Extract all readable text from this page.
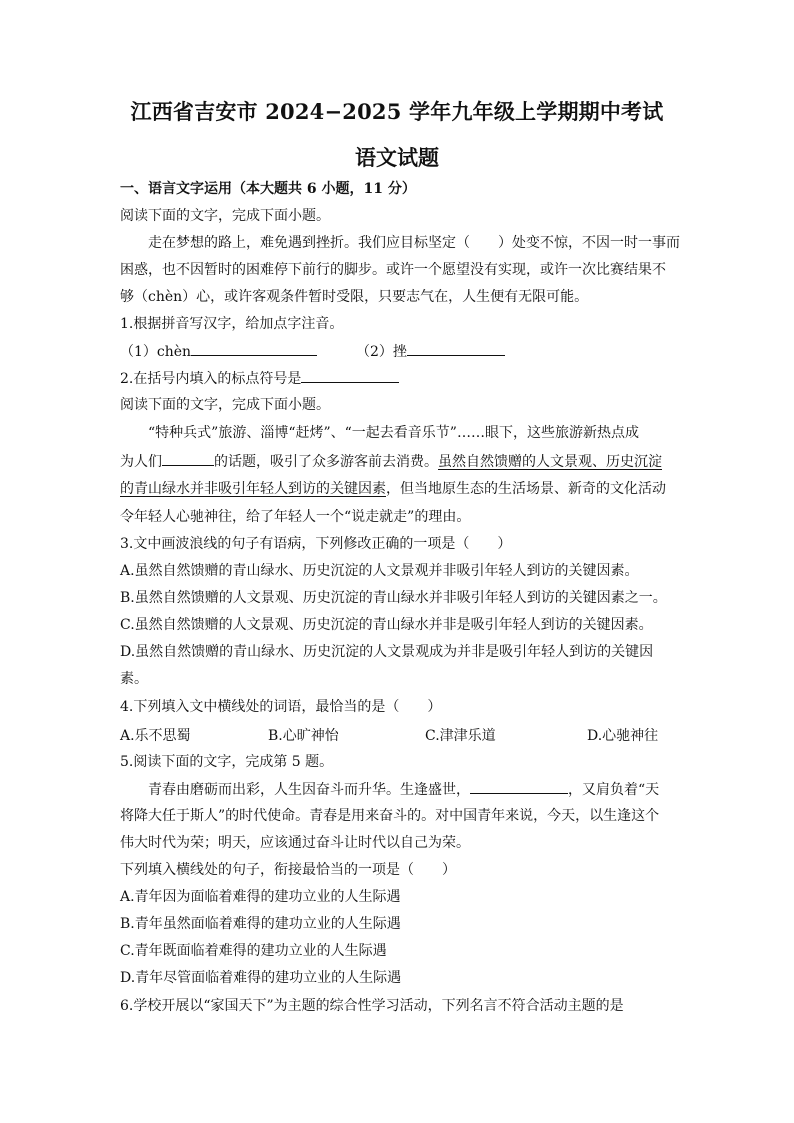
江西省吉安市 2024−2025 学年九年级上学期期中考试
语文试题
一、语言文字运用（本大题共 6 小题，11 分）
阅读下面的文字，完成下面小题。
走在梦想的路上，难免遇到挫折。我们应目标坚定（　　）处变不惊，不因一时一事而
困惑，也不因暂时的困难停下前行的脚步。或许一个愿望没有实现，或许一次比赛结果不
够（chèn）心，或许客观条件暂时受限，只要志气在，人生便有无限可能。
1.根据拼音写汉字，给加点字注音。
（1）chèn	（2）挫
2.在括号内填入的标点符号是
阅读下面的文字，完成下面小题。
“特种兵式”旅游、淄博“赶烤”、“一起去看音乐节”……眼下，这些旅游新热点成
为人们	的话题，吸引了众多游客前去消费。虽然自然馈赠的人文景观、历史沉淀
的青山绿水并非吸引年轻人到访的关键因素，但当地原生态的生活场景、新奇的文化活动
令年轻人心驰神往，给了年轻人一个“说走就走”的理由。
3.文中画波浪线的句子有语病，下列修改正确的一项是（　　）
A.虽然自然馈赠的青山绿水、历史沉淀的人文景观并非吸引年轻人到访的关键因素。
B.虽然自然馈赠的人文景观、历史沉淀的青山绿水并非吸引年轻人到访的关键因素之一。
C.虽然自然馈赠的人文景观、历史沉淀的青山绿水并非是吸引年轻人到访的关键因素。
D.虽然自然馈赠的青山绿水、历史沉淀的人文景观成为并非是吸引年轻人到访的关键因
素。
4.下列填入文中横线处的词语，最恰当的是（　　）
A.乐不思蜀	B.心旷神怡	C.津津乐道	D.心驰神往
5.阅读下面的文字，完成第 5 题。
青春由磨砺而出彩，人生因奋斗而升华。生逢盛世，	，又肩负着“天
将降大任于斯人”的时代使命。青春是用来奋斗的。对中国青年来说，今天，以生逢这个
伟大时代为荣；明天，应该通过奋斗让时代以自己为荣。
下列填入横线处的句子，衔接最恰当的一项是（　　）
A.青年因为面临着难得的建功立业的人生际遇
B.青年虽然面临着难得的建功立业的人生际遇
C.青年既面临着难得的建功立业的人生际遇
D.青年尽管面临着难得的建功立业的人生际遇
6.学校开展以“家国天下”为主题的综合性学习活动，下列名言不符合活动主题的是
